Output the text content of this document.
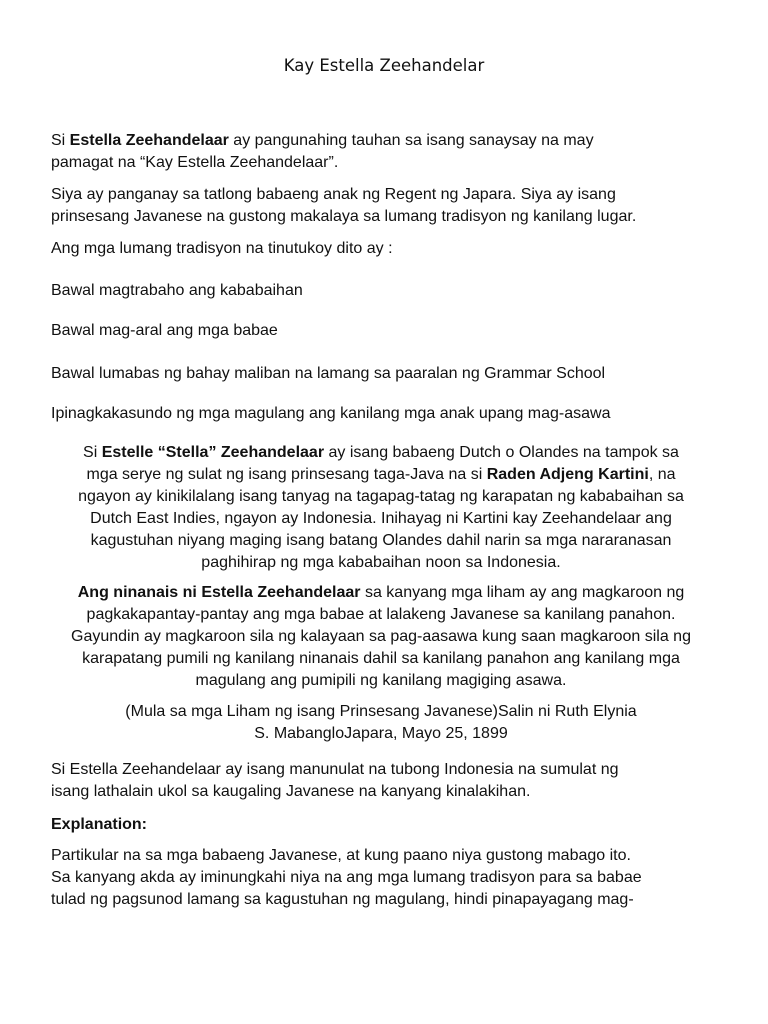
Kay Estella Zeehandelar

Si Estella Zeehandelaar ay pangunahing tauhan sa isang sanaysay na may
pamagat na “Kay Estella Zeehandelaar”.

Siya ay panganay sa tatlong babaeng anak ng Regent ng Japara. Siya ay isang
prinsesang Javanese na gustong makalaya sa lumang tradisyon ng kanilang lugar.

Ang mga lumang tradisyon na tinutukoy dito ay :

Bawal magtrabaho ang kababaihan

Bawal mag-aral ang mga babae

Bawal lumabas ng bahay maliban na lamang sa paaralan ng Grammar School

Ipinagkakasundo ng mga magulang ang kanilang mga anak upang mag-asawa

Si Estelle “Stella” Zeehandelaar ay isang babaeng Dutch o Olandes na tampok sa
mga serye ng sulat ng isang prinsesang taga-Java na si Raden Adjeng Kartini, na
ngayon ay kinikilalang isang tanyag na tagapag-tatag ng karapatan ng kababaihan sa
Dutch East Indies, ngayon ay Indonesia. Inihayag ni Kartini kay Zeehandelaar ang
kagustuhan niyang maging isang batang Olandes dahil narin sa mga nararanasan
paghihirap ng mga kababaihan noon sa Indonesia.

Ang ninanais ni Estella Zeehandelaar sa kanyang mga liham ay ang magkaroon ng
pagkakapantay-pantay ang mga babae at lalakeng Javanese sa kanilang panahon.
Gayundin ay magkaroon sila ng kalayaan sa pag-aasawa kung saan magkaroon sila ng
karapatang pumili ng kanilang ninanais dahil sa kanilang panahon ang kanilang mga
magulang ang pumipili ng kanilang magiging asawa.

(Mula sa mga Liham ng isang Prinsesang Javanese)Salin ni Ruth Elynia
S. MabangloJapara, Mayo 25, 1899

Si Estella Zeehandelaar ay isang manunulat na tubong Indonesia na sumulat ng
isang lathalain ukol sa kaugaling Javanese na kanyang kinalakihan.

Explanation:

Partikular na sa mga babaeng Javanese, at kung paano niya gustong mabago ito.
Sa kanyang akda ay iminungkahi niya na ang mga lumang tradisyon para sa babae
tulad ng pagsunod lamang sa kagustuhan ng magulang, hindi pinapayagang mag-
